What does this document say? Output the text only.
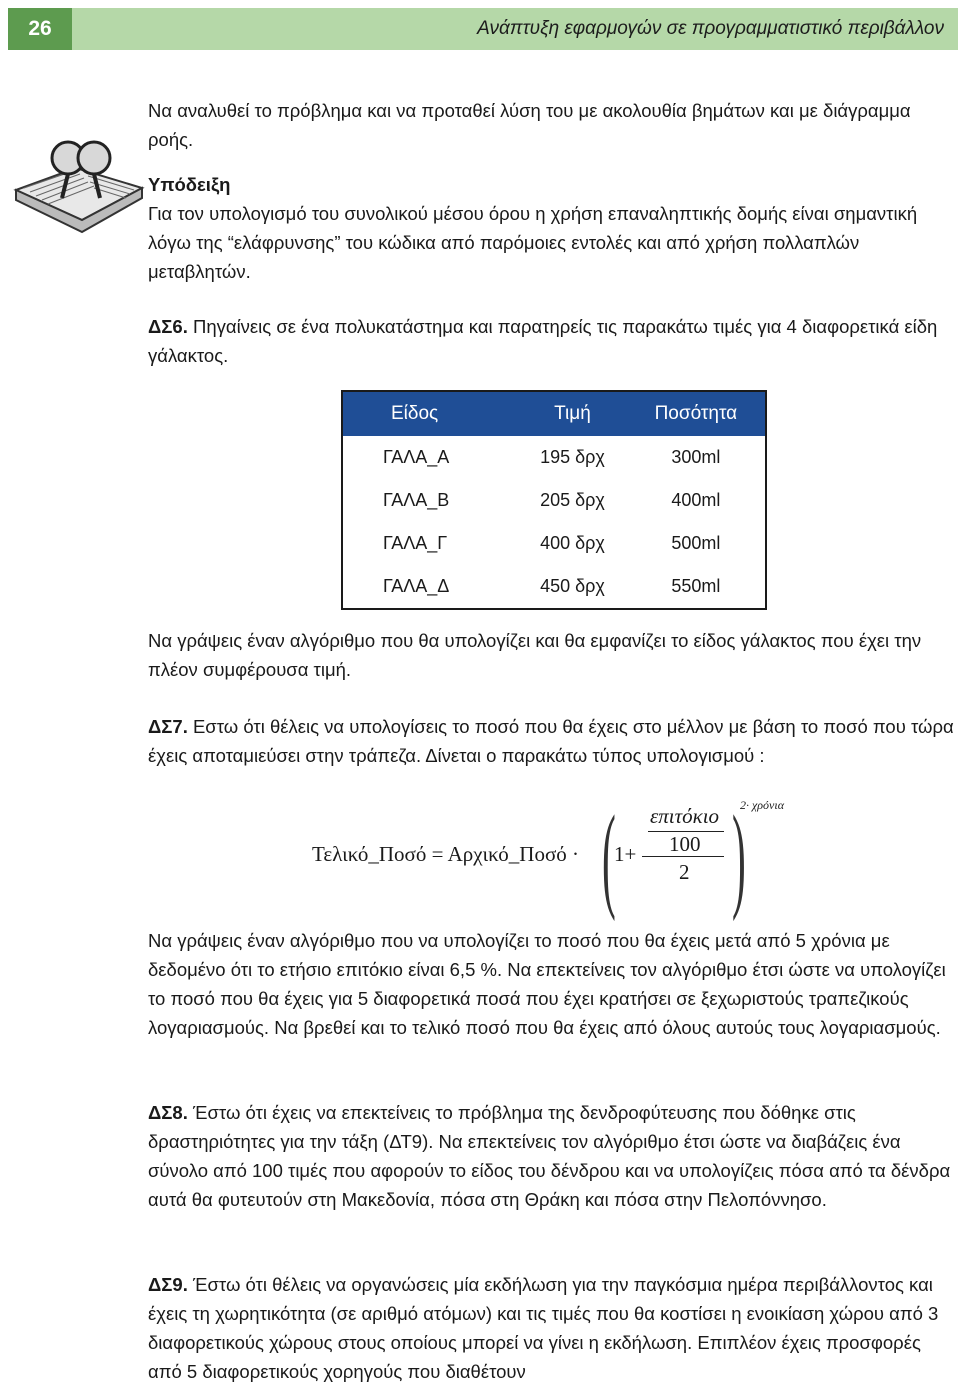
26	Ανάπτυξη εφαρμογών σε προγραμματιστικό περιβάλλον

Να αναλυθεί το πρόβλημα και να προταθεί λύση του με ακολουθία βημάτων και με διάγραμμα ροής.

Υπόδειξη
Για τον υπολογισμό του συνολικού μέσου όρου η χρήση επαναληπτικής δομής είναι σημαντική λόγω της “ελάφρυνσης” του κώδικα από παρόμοιες εντολές και από χρήση πολλαπλών μεταβλητών.

ΔΣ6. Πηγαίνεις σε ένα πολυκατάστημα και παρατηρείς τις παρακάτω τιμές για 4 διαφορετικά είδη γάλακτος.

Είδος	Τιμή	Ποσότητα
ΓΑΛΑ_Α	195 δρχ	300ml
ΓΑΛΑ_Β	205 δρχ	400ml
ΓΑΛΑ_Γ	400 δρχ	500ml
ΓΑΛΑ_Δ	450 δρχ	550ml

Να γράψεις έναν αλγόριθμο που θα υπολογίζει και θα εμφανίζει το είδος γάλακτος που έχει την πλέον συμφέρουσα τιμή.

ΔΣ7. Εστω ότι θέλεις να υπολογίσεις το ποσό που θα έχεις στο μέλλον με βάση το ποσό που τώρα έχεις αποταμιεύσει στην τράπεζα. Δίνεται ο παρακάτω τύπος υπολογισμού :

Τελικό_Ποσό = Αρχικό_Ποσό · (
1+
επιτόκιο
100
2 )
2· χρόνια

Να γράψεις έναν αλγόριθμο που να υπολογίζει το ποσό που θα έχεις μετά από 5 χρόνια με δεδομένο ότι το ετήσιο επιτόκιο είναι 6,5 %. Να επεκτείνεις τον αλγόριθμο έτσι ώστε να υπολογίζει το ποσό που θα έχεις για 5 διαφορετικά ποσά που έχει κρατήσει σε ξεχωριστούς τραπεζικούς λογαριασμούς. Να βρεθεί και το τελικό ποσό που θα έχεις από όλους αυτούς τους λογαριασμούς.

ΔΣ8. Έστω ότι έχεις να επεκτείνεις το πρόβλημα της δενδροφύτευσης που δόθηκε στις δραστηριότητες για την τάξη (ΔΤ9). Να επεκτείνεις τον αλγόριθμο έτσι ώστε να διαβάζεις ένα σύνολο από 100 τιμές που αφορούν το είδος του δένδρου και να υπολογίζεις πόσα από τα δένδρα αυτά θα φυτευτούν στη Μακεδονία, πόσα στη Θράκη και πόσα στην Πελοπόννησο.

ΔΣ9. Έστω ότι θέλεις να οργανώσεις μία εκδήλωση για την παγκόσμια ημέρα περιβάλλοντος και έχεις τη χωρητικότητα (σε αριθμό ατόμων) και τις τιμές που θα κοστίσει η ενοικίαση χώρου από 3 διαφορετικούς χώρους στους οποίους μπορεί να γίνει η εκδήλωση. Επιπλέον έχεις προσφορές από 5 διαφορετικούς χορηγούς που διαθέτουν
